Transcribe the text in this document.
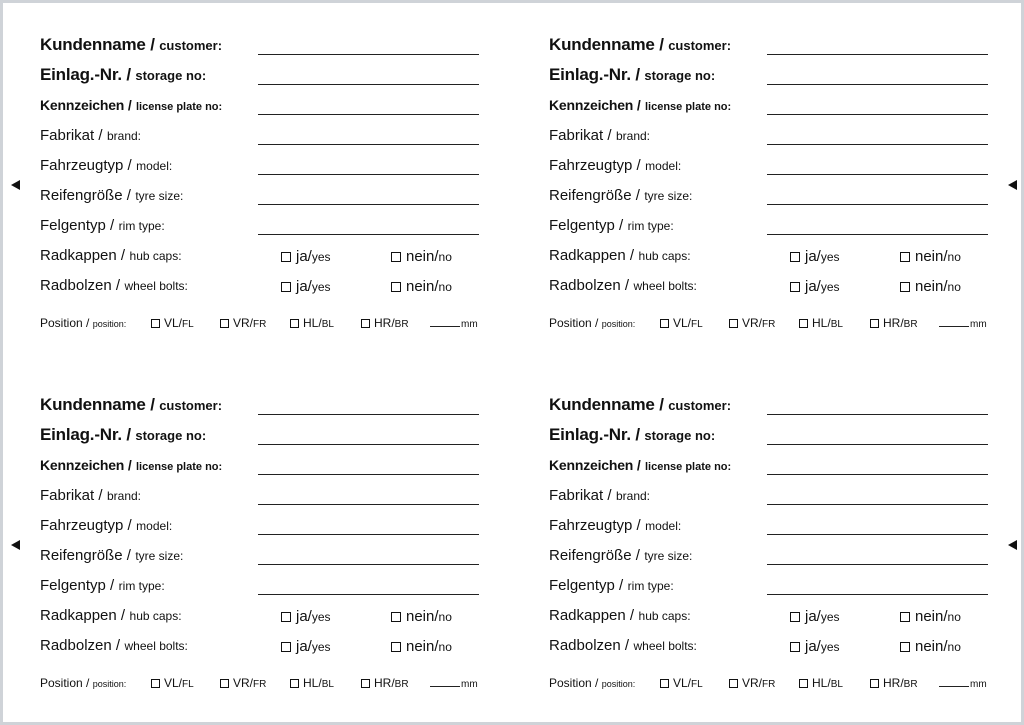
Kundenname / customer:
Einlag.-Nr. / storage no:
Kennzeichen / license plate no:
Fabrikat / brand:
Fahrzeugtyp / model:
Reifengröße / tyre size:
Felgentyp / rim type:
Radkappen / hub caps:	ja/yes	nein/no
Radbolzen / wheel bolts:	ja/yes	nein/no
Position / position:	VL/FL	VR/FR	HL/BL	HR/BR	mm
Kundenname / customer:
Einlag.-Nr. / storage no:
Kennzeichen / license plate no:
Fabrikat / brand:
Fahrzeugtyp / model:
Reifengröße / tyre size:
Felgentyp / rim type:
Radkappen / hub caps:	ja/yes	nein/no
Radbolzen / wheel bolts:	ja/yes	nein/no
Position / position:	VL/FL	VR/FR	HL/BL	HR/BR	mm
Kundenname / customer:
Einlag.-Nr. / storage no:
Kennzeichen / license plate no:
Fabrikat / brand:
Fahrzeugtyp / model:
Reifengröße / tyre size:
Felgentyp / rim type:
Radkappen / hub caps:	ja/yes	nein/no
Radbolzen / wheel bolts:	ja/yes	nein/no
Position / position:	VL/FL	VR/FR	HL/BL	HR/BR	mm
Kundenname / customer:
Einlag.-Nr. / storage no:
Kennzeichen / license plate no:
Fabrikat / brand:
Fahrzeugtyp / model:
Reifengröße / tyre size:
Felgentyp / rim type:
Radkappen / hub caps:	ja/yes	nein/no
Radbolzen / wheel bolts:	ja/yes	nein/no
Position / position:	VL/FL	VR/FR	HL/BL	HR/BR	mm
